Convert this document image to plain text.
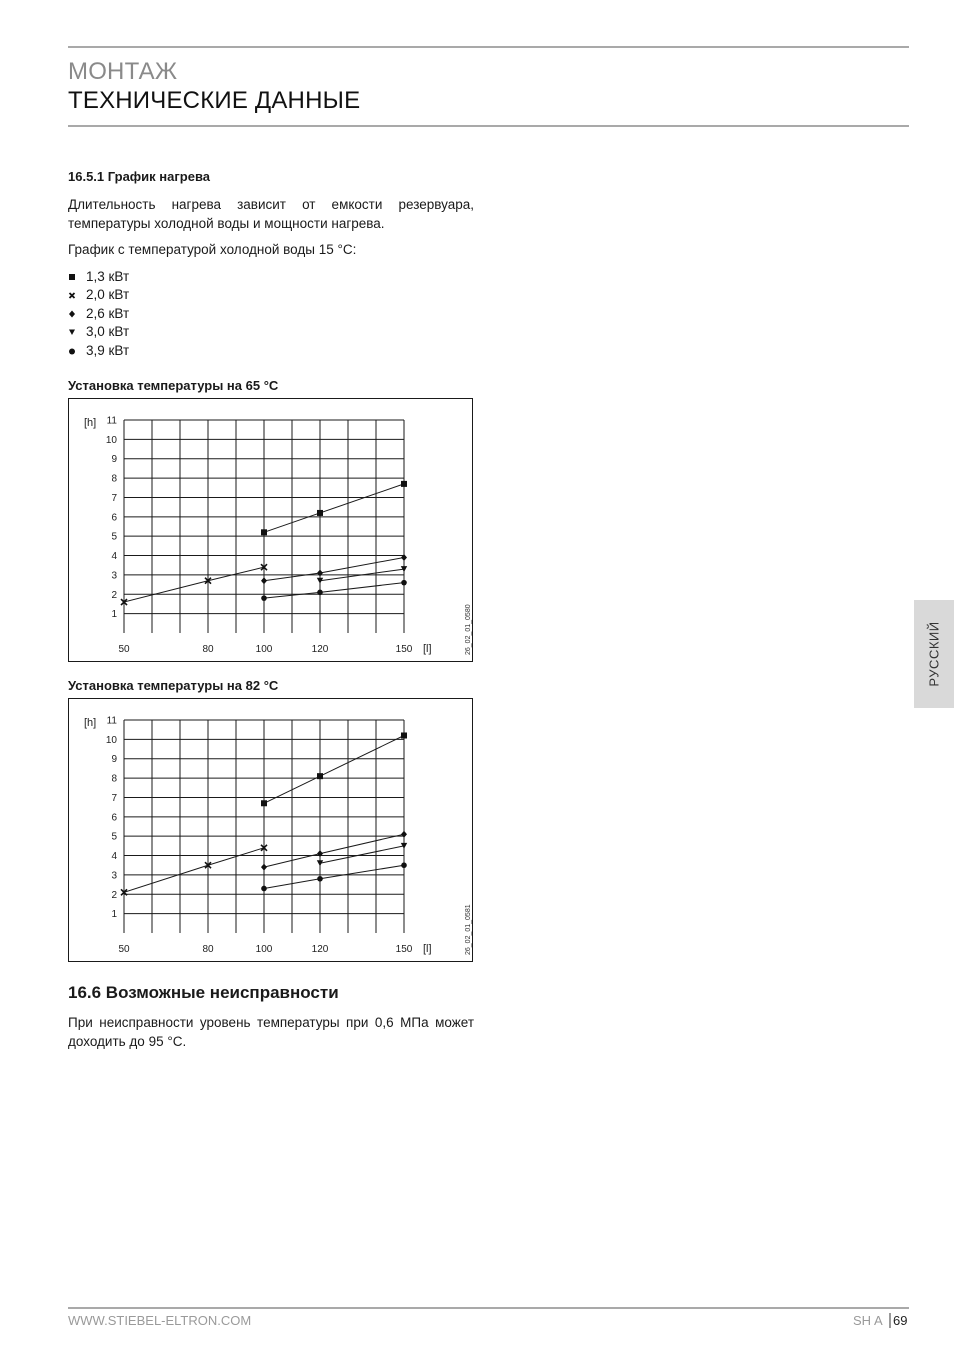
МОНТАЖ
ТЕХНИЧЕСКИЕ ДАННЫЕ
16.5.1 График нагрева
Длительность нагрева зависит от емкости резервуара, температуры холодной воды и мощности нагрева.
График с температурой холодной воды 15 °C:
1,3 кВт
2,0 кВт
2,6 кВт
3,0 кВт
3,9 кВт
Установка температуры на 65 °C
[h]
[l]	26_02_01_0580
1
2
3
4
5
6
7
8
9
10
11
50	80	100	120	150
Установка температуры на 82 °C
[h]
[l]	26_02_01_0581
1
2
3
4
5
6
7
8
9
10
11
50	80	100	120	150
16.6 Возможные неисправности
При неисправности уровень температуры при 0,6 МПа может доходить до 95 °C.
РУССКИЙ
WWW.STIEBEL-ELTRON.COM	SH A 69
